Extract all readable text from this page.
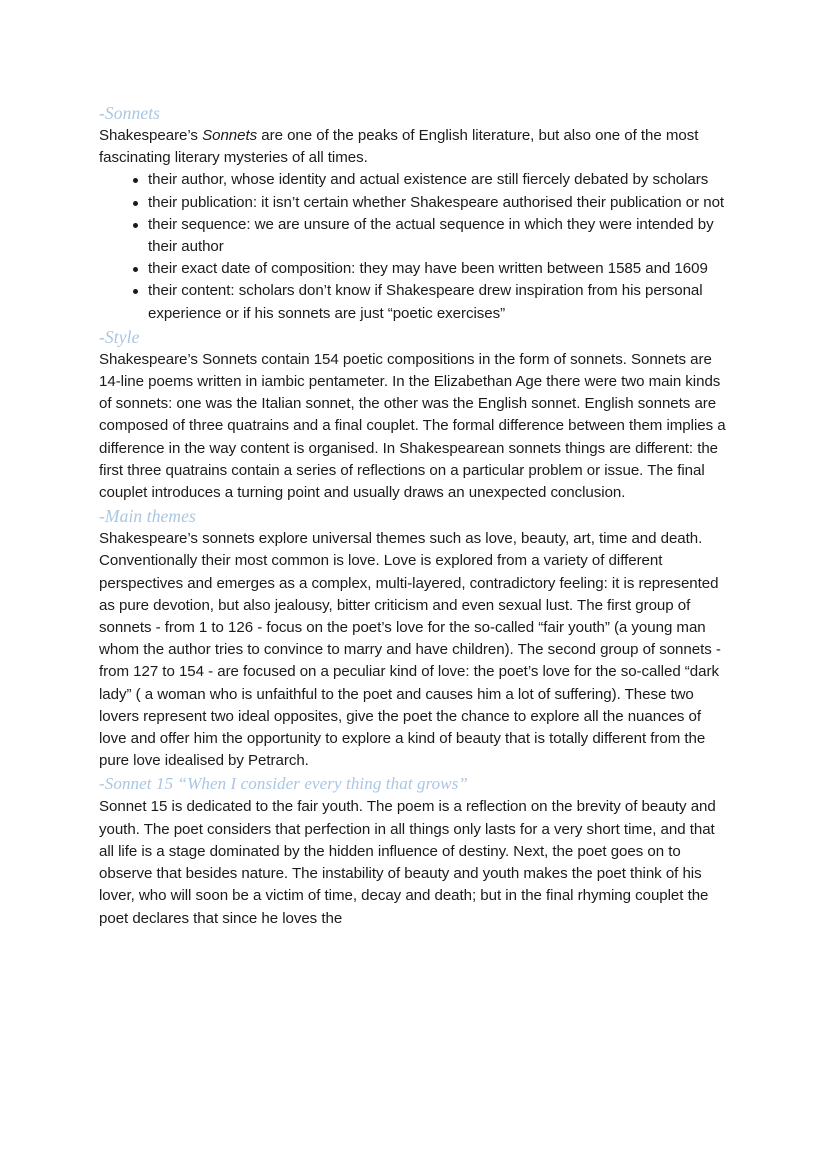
-Sonnets

Shakespeare’s Sonnets are one of the peaks of English literature, but also one of the most fascinating literary mysteries of all times.

their author, whose identity and actual existence are still fiercely debated by scholars
their publication: it isn’t certain whether Shakespeare authorised their publication or not
their sequence: we are unsure of the actual sequence in which they were intended by their author
their exact date of composition: they may have been written between 1585 and 1609
their content: scholars don’t know if Shakespeare drew inspiration from his personal experience or if his sonnets are just “poetic exercises”
-Style

Shakespeare’s Sonnets contain 154 poetic compositions in the form of sonnets. Sonnets are 14-line poems written in iambic pentameter. In the Elizabethan Age there were two main kinds of sonnets: one was the Italian sonnet, the other was the English sonnet. English sonnets are composed of three quatrains and a final couplet. The formal difference between them implies a difference in the way content is organised. In Shakespearean sonnets things are different: the first three quatrains contain a series of reflections on a particular problem or issue. The final couplet introduces a turning point and usually draws an unexpected conclusion.

-Main themes

Shakespeare’s sonnets explore universal themes such as love, beauty, art, time and death. Conventionally their most common is love. Love is explored from a variety of different perspectives and emerges as a complex, multi-layered, contradictory feeling: it is represented as pure devotion, but also jealousy, bitter criticism and even sexual lust. The first group of sonnets - from 1 to 126 - focus on the poet’s love for the so-called “fair youth” (a young man whom the author tries to convince to marry and have children). The second group of sonnets - from 127 to 154 - are focused on a peculiar kind of love: the poet’s love for the so-called “dark lady” ( a woman who is unfaithful to the poet and causes him a lot of suffering). These two lovers represent two ideal opposites, give the poet the chance to explore all the nuances of love and offer him the opportunity to explore a kind of beauty that is totally different from the pure love idealised by Petrarch.

-Sonnet 15 “When I consider every thing that grows”

Sonnet 15 is dedicated to the fair youth. The poem is a reflection on the brevity of beauty and youth. The poet considers that perfection in all things only lasts for a very short time, and that all life is a stage dominated by the hidden influence of destiny. Next, the poet goes on to observe that besides nature. The instability of beauty and youth makes the poet think of his lover, who will soon be a victim of time, decay and death; but in the final rhyming couplet the poet declares that since he loves the
